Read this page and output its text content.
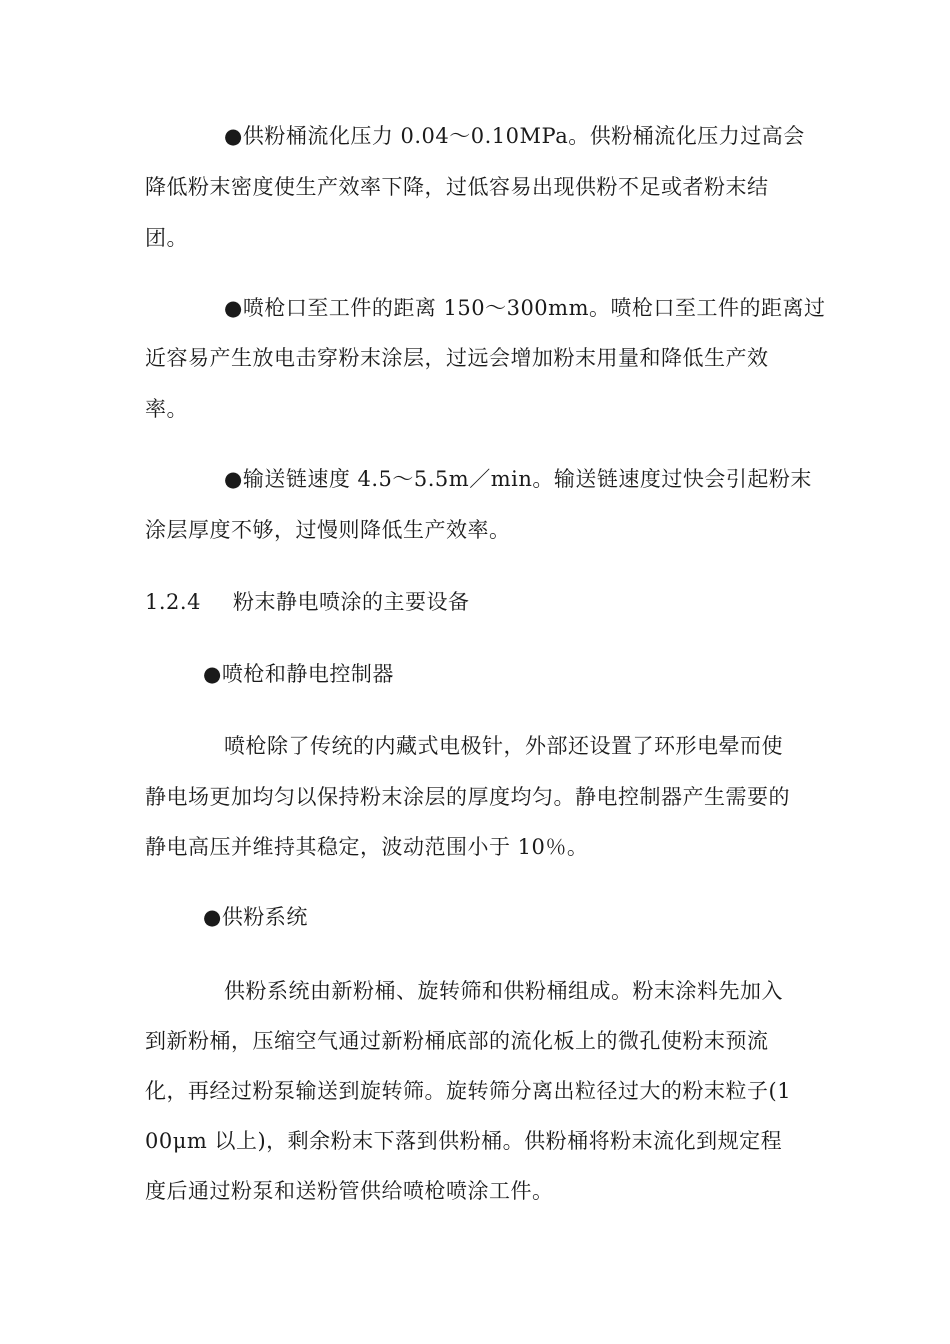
●供粉桶流化压力 0.04～0.10MPa。供粉桶流化压力过高会
降低粉末密度使生产效率下降，过低容易出现供粉不足或者粉末结
团。
●喷枪口至工件的距离 150～300mm。喷枪口至工件的距离过
近容易产生放电击穿粉末涂层，过远会增加粉末用量和降低生产效
率。
●输送链速度 4.5～5.5m／min。输送链速度过快会引起粉末
涂层厚度不够，过慢则降低生产效率。
1.2.4 粉末静电喷涂的主要设备
●喷枪和静电控制器
喷枪除了传统的内藏式电极针，外部还设置了环形电晕而使
静电场更加均匀以保持粉末涂层的厚度均匀。静电控制器产生需要的
静电高压并维持其稳定，波动范围小于 10％。
●供粉系统
供粉系统由新粉桶、旋转筛和供粉桶组成。粉末涂料先加入
到新粉桶，压缩空气通过新粉桶底部的流化板上的微孔使粉末预流
化，再经过粉泵输送到旋转筛。旋转筛分离出粒径过大的粉末粒子(1
00μm 以上)，剩余粉末下落到供粉桶。供粉桶将粉末流化到规定程
度后通过粉泵和送粉管供给喷枪喷涂工件。
